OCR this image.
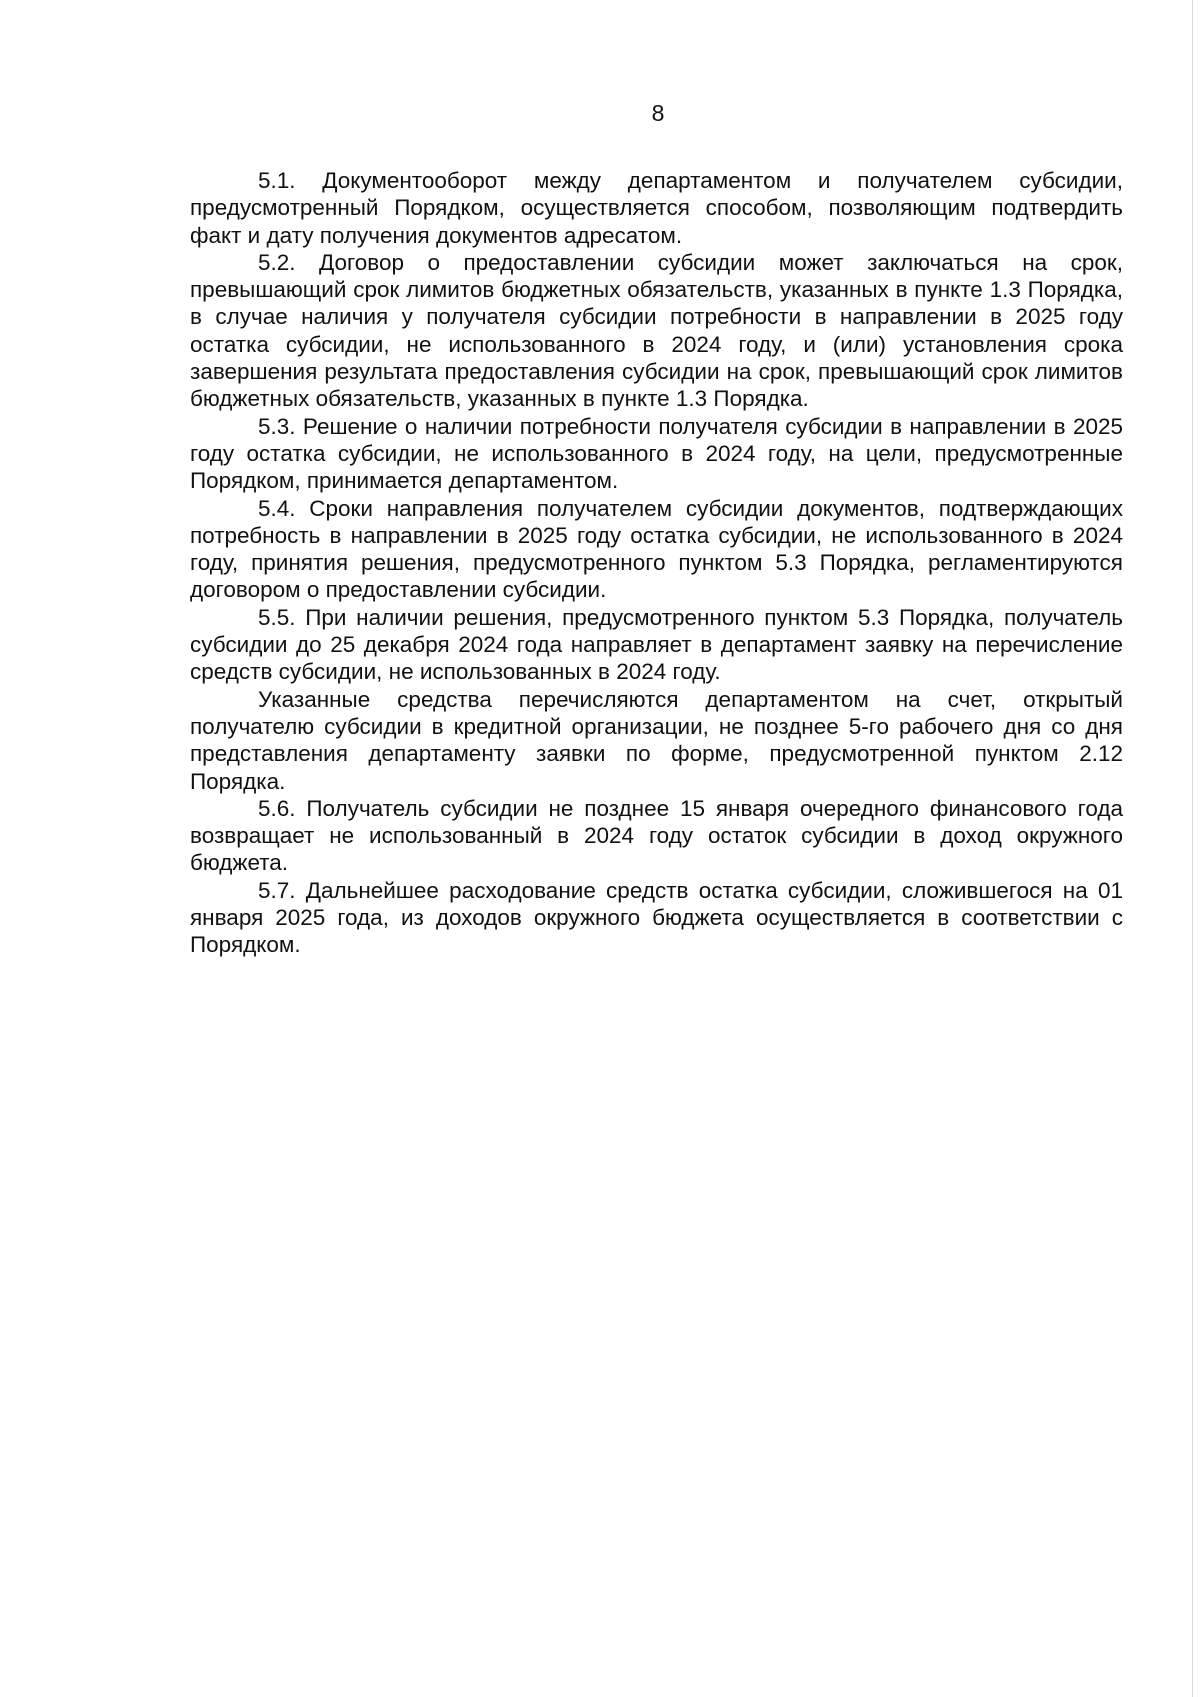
8

5.1. Документооборот между департаментом и получателем субсидии, предусмотренный Порядком, осуществляется способом, позволяющим подтвердить факт и дату получения документов адресатом.

5.2. Договор о предоставлении субсидии может заключаться на срок, превышающий срок лимитов бюджетных обязательств, указанных в пункте 1.3 Порядка, в случае наличия у получателя субсидии потребности в направлении в 2025 году остатка субсидии, не использованного в 2024 году, и (или) установления срока завершения результата предоставления субсидии на срок, превышающий срок лимитов бюджетных обязательств, указанных в пункте 1.3 Порядка.

5.3. Решение о наличии потребности получателя субсидии в направлении в 2025 году остатка субсидии, не использованного в 2024 году, на цели, предусмотренные Порядком, принимается департаментом.

5.4. Сроки направления получателем субсидии документов, подтверждающих потребность в направлении в 2025 году остатка субсидии, не использованного в 2024 году, принятия решения, предусмотренного пунктом 5.3 Порядка, регламентируются договором о предоставлении субсидии.

5.5. При наличии решения, предусмотренного пунктом 5.3 Порядка, получатель субсидии до 25 декабря 2024 года направляет в департамент заявку на перечисление средств субсидии, не использованных в 2024 году.

Указанные средства перечисляются департаментом на счет, открытый получателю субсидии в кредитной организации, не позднее 5-го рабочего дня со дня представления департаменту заявки по форме, предусмотренной пунктом 2.12 Порядка.

5.6. Получатель субсидии не позднее 15 января очередного финансового года возвращает не использованный в 2024 году остаток субсидии в доход окружного бюджета.

5.7. Дальнейшее расходование средств остатка субсидии, сложившегося на 01 января 2025 года, из доходов окружного бюджета осуществляется в соответствии с Порядком.
